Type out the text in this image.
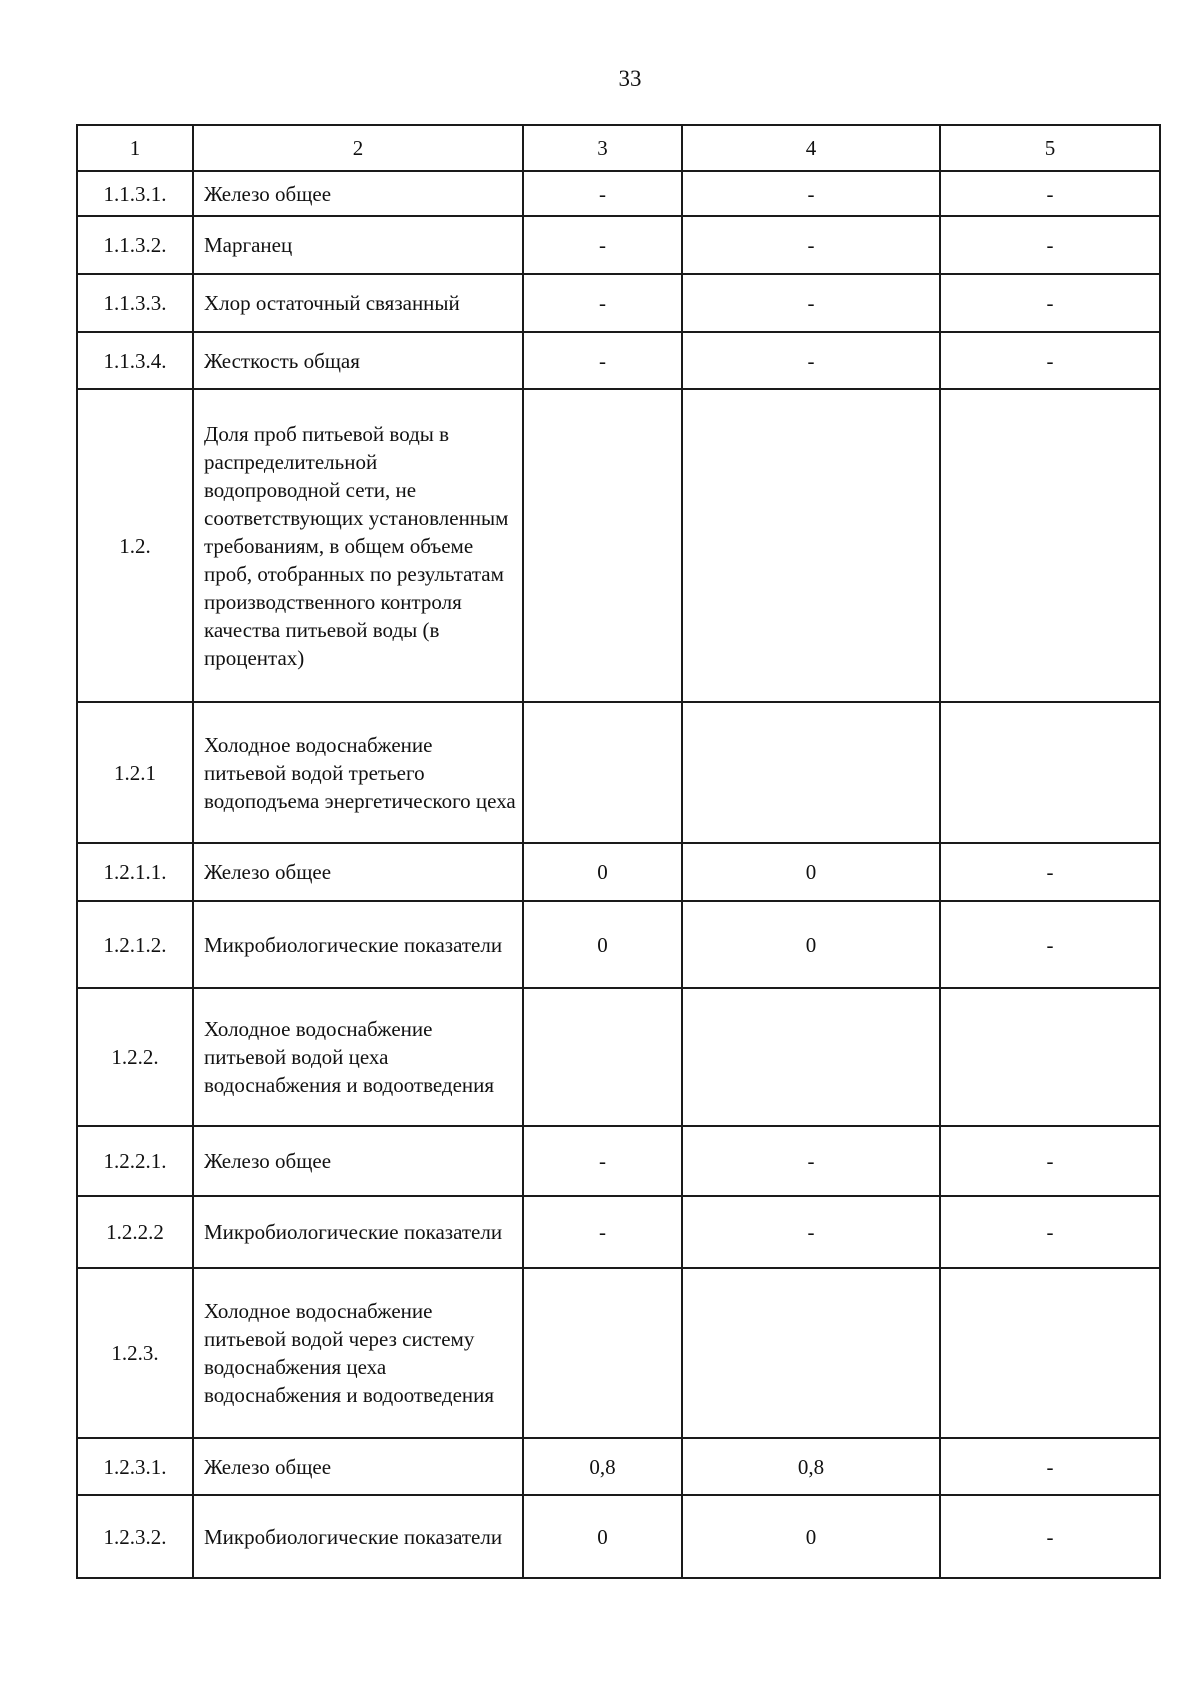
33
1	2	3	4	5
1.1.3.1.	Железо общее	-	-	-
1.1.3.2.	Марганец	-	-	-
1.1.3.3.	Хлор остаточный связанный	-	-	-
1.1.3.4.	Жесткость общая	-	-	-
1.2.	Доля проб питьевой воды в распределительной водопроводной сети, не соответствующих установленным требованиям, в общем объеме проб, отобранных по результатам производственного контроля качества питьевой воды (в процентах)			
1.2.1	Холодное водоснабжение питьевой водой третьего водоподъема энергетического цеха			
1.2.1.1.	Железо общее	0	0	-
1.2.1.2.	Микробиологические показатели	0	0	-
1.2.2.	Холодное водоснабжение питьевой водой цеха водоснабжения и водоотведения			
1.2.2.1.	Железо общее	-	-	-
1.2.2.2	Микробиологические показатели	-	-	-
1.2.3.	Холодное водоснабжение питьевой водой через систему водоснабжения цеха водоснабжения и водоотведения			
1.2.3.1.	Железо общее	0,8	0,8	-
1.2.3.2.	Микробиологические показатели	0	0	-
